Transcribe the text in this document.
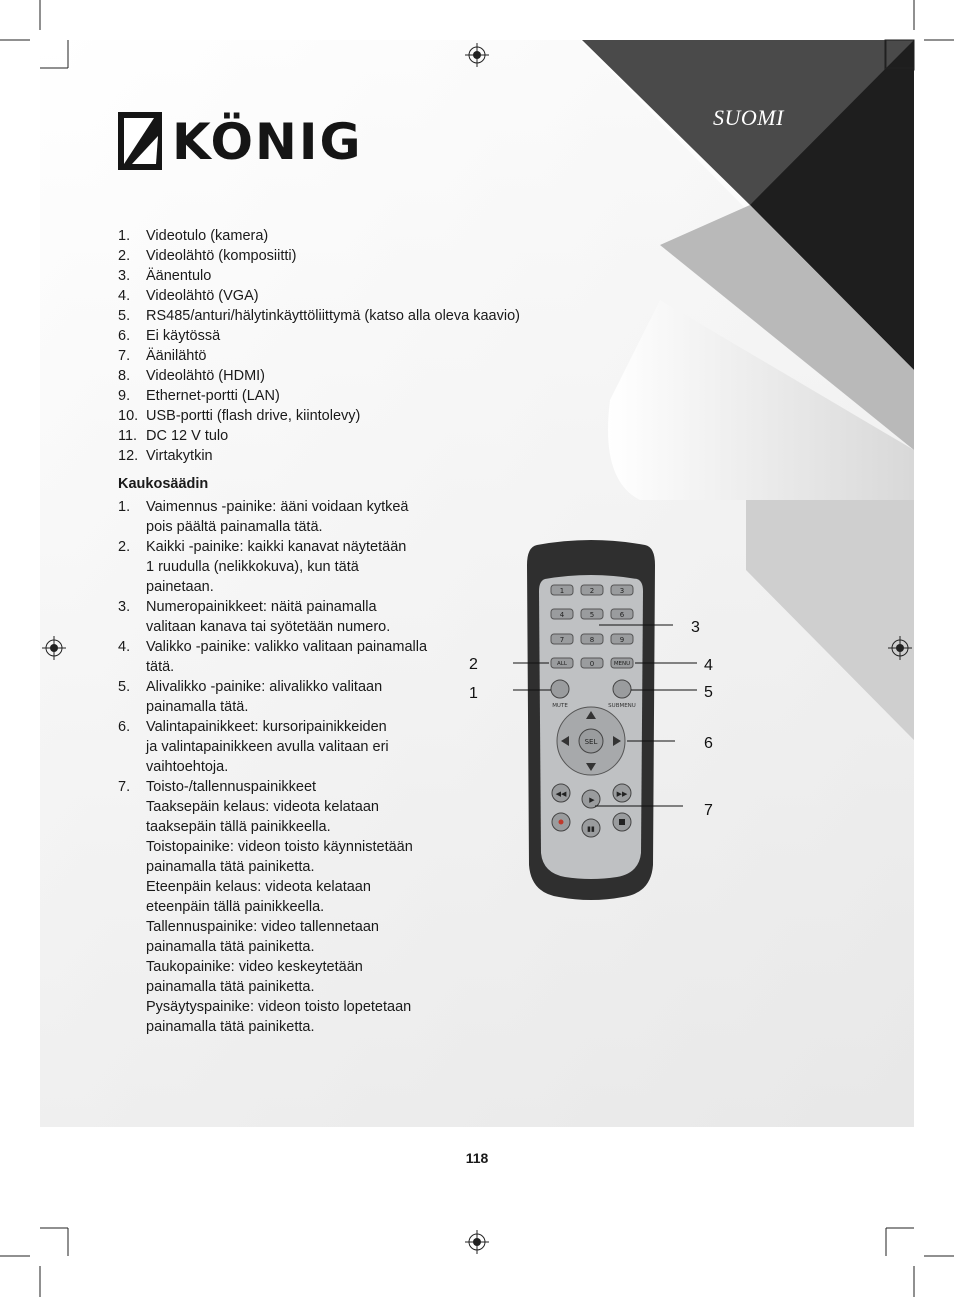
KÖNIG	SUOMI
1. Videotulo (kamera)
2. Videolähtö (komposiitti)
3. Äänentulo
4. Videolähtö (VGA)
5. RS485/anturi/hälytinkäyttöliittymä (katso alla oleva kaavio)
6. Ei käytössä
7. Äänilähtö
8. Videolähtö (HDMI)
9. Ethernet-portti (LAN)
10. USB-portti (flash drive, kiintolevy)
11. DC 12 V tulo
12. Virtakytkin
Kaukosäädin
1. Vaimennus -painike: ääni voidaan kytkeä
pois päältä painamalla tätä.
2. Kaikki -painike: kaikki kanavat näytetään
1 ruudulla (nelikkokuva), kun tätä
painetaan.
3. Numeropainikkeet: näitä painamalla
valitaan kanava tai syötetään numero.
4. Valikko -painike: valikko valitaan painamalla
tätä.
5. Alivalikko -painike: alivalikko valitaan
painamalla tätä.
6. Valintapainikkeet: kursoripainikkeiden
ja valintapainikkeen avulla valitaan eri
vaihtoehtoja.
7. Toisto-/tallennuspainikkeet
Taaksepäin kelaus: videota kelataan
taaksepäin tällä painikkeella.
Toistopainike: videon toisto käynnistetään
painamalla tätä painiketta.
Eteenpäin kelaus: videota kelataan
eteenpäin tällä painikkeella.
Tallennuspainike: video tallennetaan
painamalla tätä painiketta.
Taukopainike: video keskeytetään
painamalla tätä painiketta.
Pysäytyspainike: videon toisto lopetetaan
painamalla tätä painiketta.
1	2	3
4	5	6
7	8	9
ALL	0	MENU
MUTE	SUBMENU
SEL
◀◀
▶
▶▶
▮▮
3
2	4
1	5
6
7
118
